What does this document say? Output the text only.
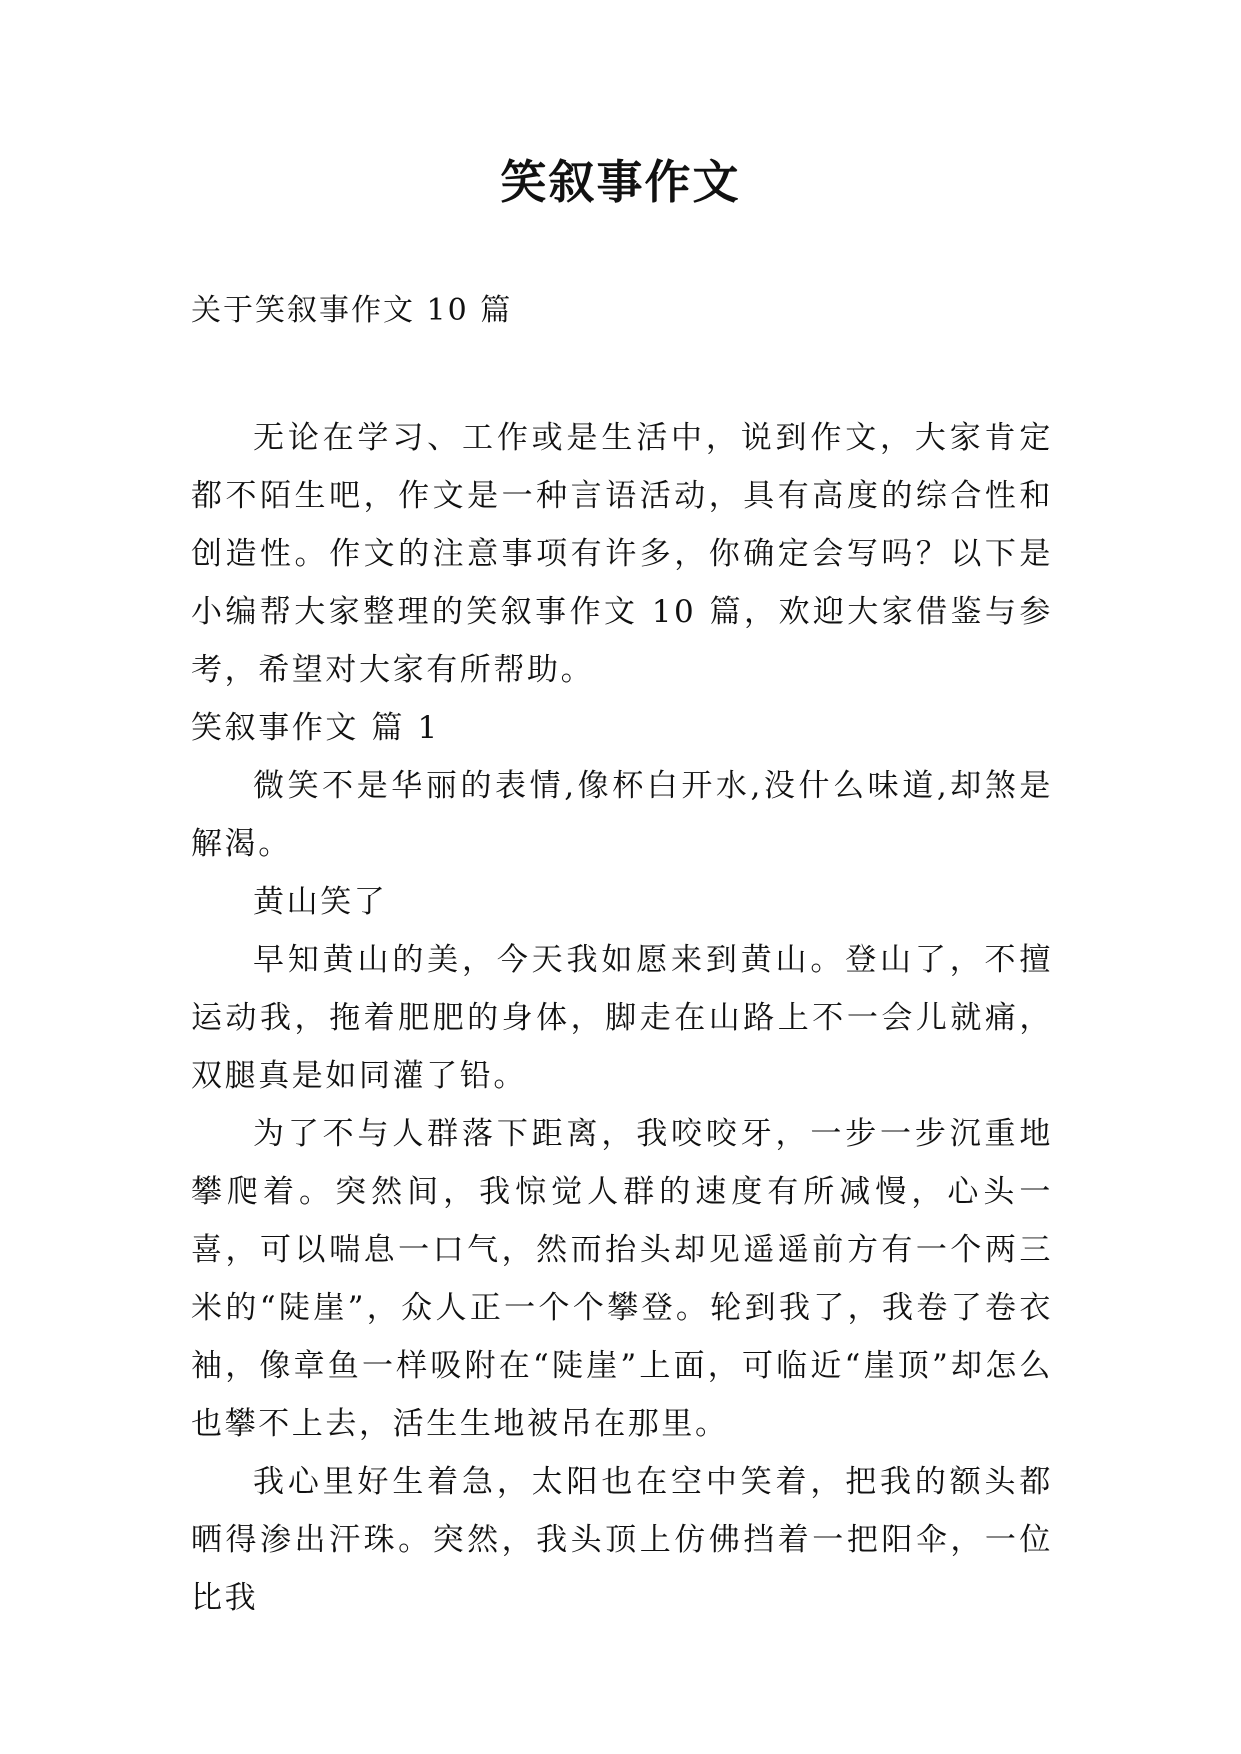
笑叙事作文
关于笑叙事作文 10 篇

无论在学习、工作或是生活中，说到作文，大家肯定都不陌生吧，作文是一种言语活动，具有高度的综合性和创造性。作文的注意事项有许多，你确定会写吗？以下是小编帮大家整理的笑叙事作文 10 篇，欢迎大家借鉴与参考，希望对大家有所帮助。

笑叙事作文 篇 1

微笑不是华丽的表情,像杯白开水,没什么味道,却煞是解渴。

黄山笑了

早知黄山的美，今天我如愿来到黄山。登山了，不擅运动我，拖着肥肥的身体，脚走在山路上不一会儿就痛，双腿真是如同灌了铅。

为了不与人群落下距离，我咬咬牙，一步一步沉重地攀爬着。突然间，我惊觉人群的速度有所减慢，心头一喜，可以喘息一口气，然而抬头却见遥遥前方有一个两三米的“陡崖”，众人正一个个攀登。轮到我了，我卷了卷衣袖，像章鱼一样吸附在“陡崖”上面，可临近“崖顶”却怎么也攀不上去，活生生地被吊在那里。

我心里好生着急，太阳也在空中笑着，把我的额头都晒得渗出汗珠。突然，我头顶上仿佛挡着一把阳伞，一位比我
